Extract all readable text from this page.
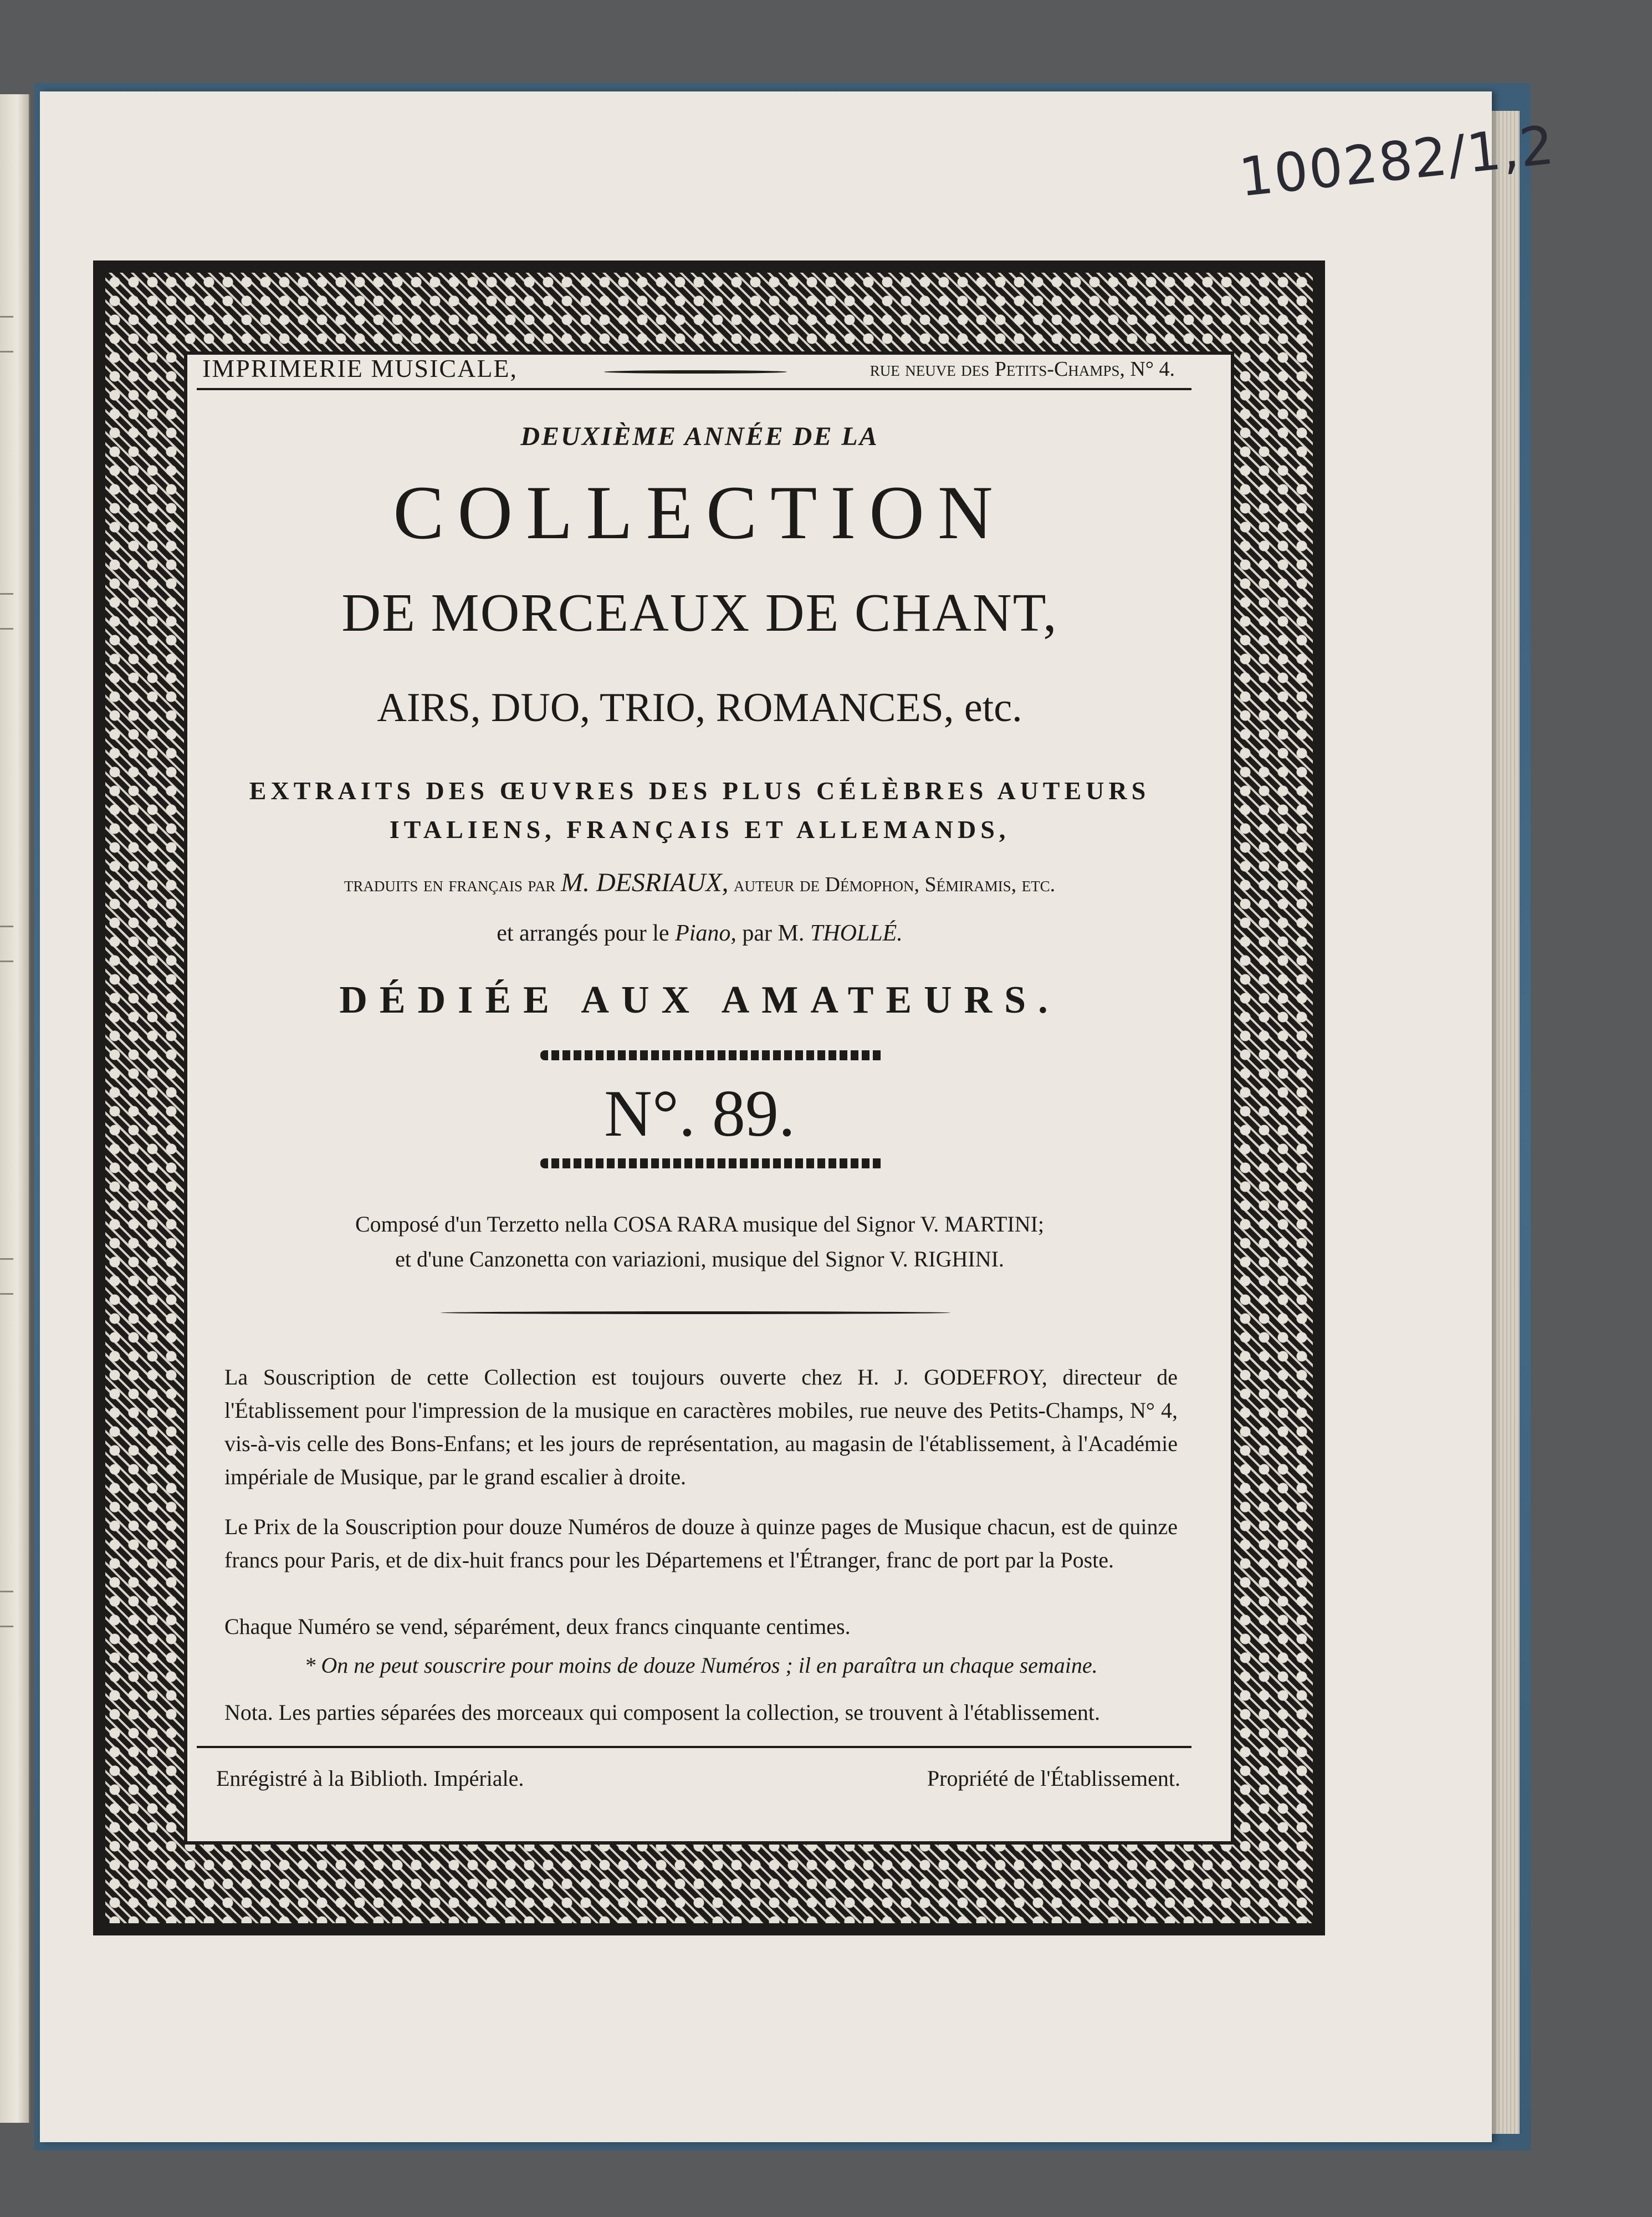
100282/1,2
IMPRIMERIE MUSICALE,	rue neuve des Petits-Champs, N° 4.
DEUXIÈME ANNÉE DE LA
COLLECTION
DE MORCEAUX DE CHANT,
AIRS, DUO, TRIO, ROMANCES, etc.
EXTRAITS DES ŒUVRES DES PLUS CÉLÈBRES AUTEURS
ITALIENS, FRANÇAIS ET ALLEMANDS,
traduits en français par M. DESRIAUX, auteur de Démophon, Sémiramis, etc.
et arrangés pour le Piano, par M. THOLLÉ.
DÉDIÉE AUX AMATEURS.
N°. 89.
Composé d'un Terzetto nella COSA RARA musique del Signor V. MARTINI;
et d'une Canzonetta con variazioni, musique del Signor V. RIGHINI.
La Souscription de cette Collection est toujours ouverte chez H. J. GODEFROY, directeur de l'Établissement pour l'impression de la musique en caractères mobiles, rue neuve des Petits-Champs, N° 4, vis-à-vis celle des Bons-Enfans; et les jours de représentation, au magasin de l'établissement, à l'Académie impériale de Musique, par le grand escalier à droite.
Le Prix de la Souscription pour douze Numéros de douze à quinze pages de Musique chacun, est de quinze francs pour Paris, et de dix-huit francs pour les Départemens et l'Étranger, franc de port par la Poste.
Chaque Numéro se vend, séparément, deux francs cinquante centimes.
* On ne peut souscrire pour moins de douze Numéros ; il en paraîtra un chaque semaine.
Nota. Les parties séparées des morceaux qui composent la collection, se trouvent à l'établissement.
Enrégistré à la Biblioth. Impériale.	Propriété de l'Établissement.
